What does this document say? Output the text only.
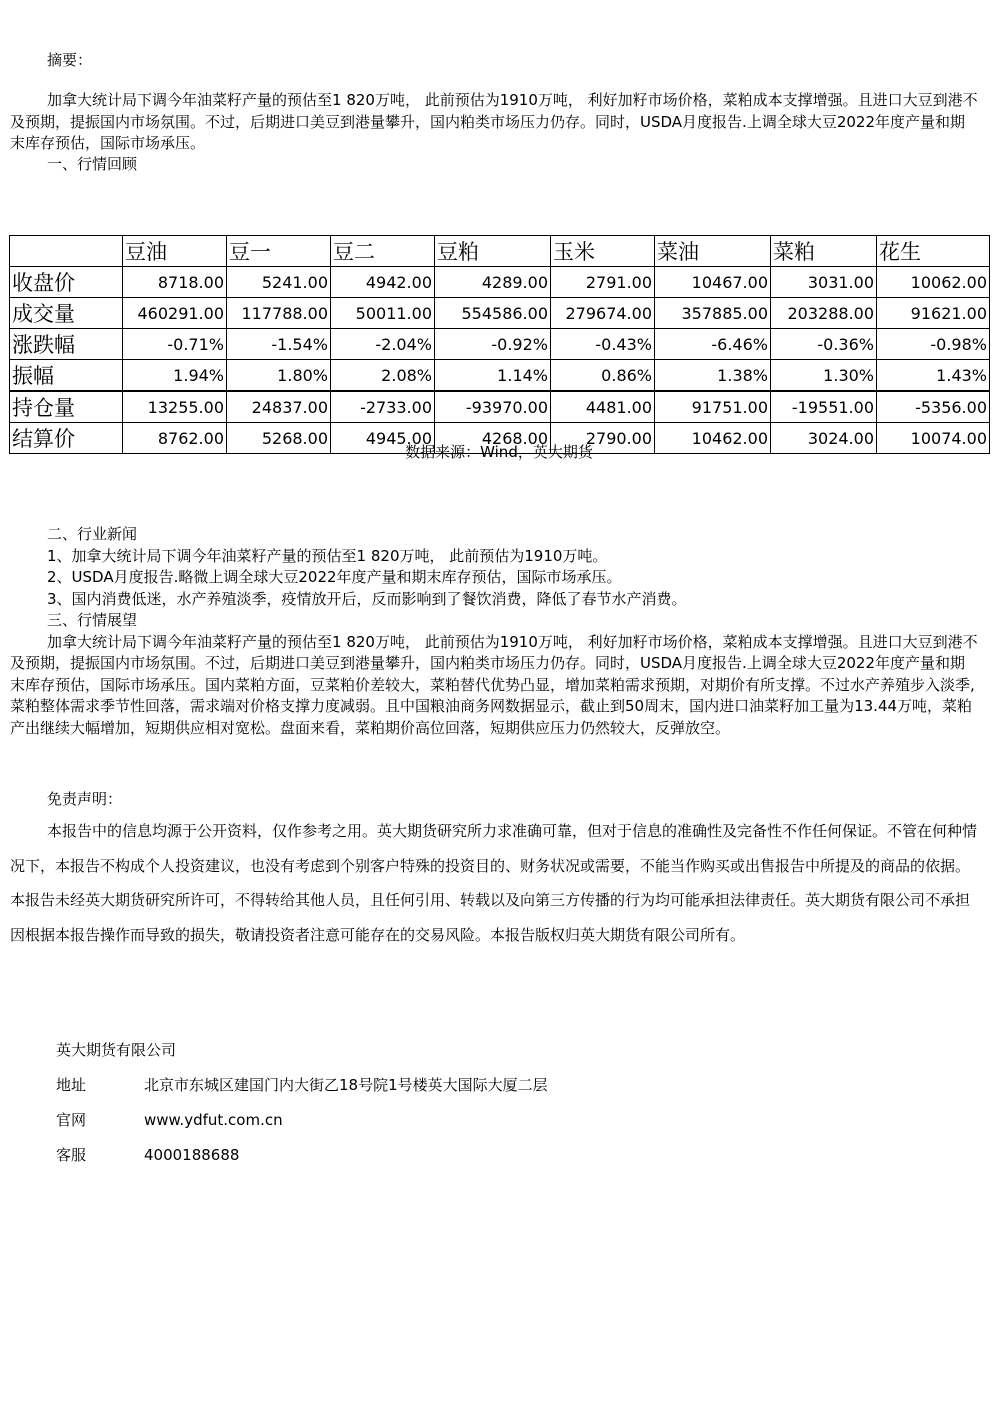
摘要：
加拿大统计局下调今年油菜籽产量的预估至1 820万吨， 此前预估为1910万吨， 利好加籽市场价格，菜粕成本支撑增强。且进口大豆到港不及预期，提振国内市场氛围。不过，后期进口美豆到港量攀升，国内粕类市场压力仍存。同时，USDA月度报告.上调全球大豆2022年度产量和期末库存预估，国际市场承压。
一、行情回顾
	豆油	豆一	豆二	豆粕	玉米	菜油	菜粕	花生
收盘价	8718.00	5241.00	4942.00	4289.00	2791.00	10467.00	3031.00	10062.00
成交量	460291.00	117788.00	50011.00	554586.00	279674.00	357885.00	203288.00	91621.00
涨跌幅	-0.71%	-1.54%	-2.04%	-0.92%	-0.43%	-6.46%	-0.36%	-0.98%
振幅	1.94%	1.80%	2.08%	1.14%	0.86%	1.38%	1.30%	1.43%
持仓量	13255.00	24837.00	-2733.00	-93970.00	4481.00	91751.00	-19551.00	-5356.00
结算价	8762.00	5268.00	4945.00	4268.00	2790.00	10462.00	3024.00	10074.00
数据来源：Wind，英大期货
二、行业新闻
1、加拿大统计局下调今年油菜籽产量的预估至1 820万吨， 此前预估为1910万吨。
2、USDA月度报告.略微上调全球大豆2022年度产量和期末库存预估，国际市场承压。
3、国内消费低迷，水产养殖淡季，疫情放开后，反而影响到了餐饮消费，降低了春节水产消费。
三、行情展望
加拿大统计局下调今年油菜籽产量的预估至1 820万吨， 此前预估为1910万吨， 利好加籽市场价格，菜粕成本支撑增强。且进口大豆到港不及预期，提振国内市场氛围。不过，后期进口美豆到港量攀升，国内粕类市场压力仍存。同时，USDA月度报告.上调全球大豆2022年度产量和期末库存预估，国际市场承压。国内菜粕方面，豆菜粕价差较大，菜粕替代优势凸显，增加菜粕需求预期，对期价有所支撑。不过水产养殖步入淡季,菜粕整体需求季节性回落，需求端对价格支撑力度减弱。且中国粮油商务网数据显示，截止到50周末，国内进口油菜籽加工量为13.44万吨，菜粕产出继续大幅增加，短期供应相对宽松。盘面来看，菜粕期价高位回落，短期供应压力仍然较大，反弹放空。
免责声明：
本报告中的信息均源于公开资料，仅作参考之用。英大期货研究所力求准确可靠，但对于信息的准确性及完备性不作任何保证。不管在何种情况下，本报告不构成个人投资建议，也没有考虑到个别客户特殊的投资目的、财务状况或需要，不能当作购买或出售报告中所提及的商品的依据。本报告未经英大期货研究所许可，不得转给其他人员，且任何引用、转载以及向第三方传播的行为均可能承担法律责任。英大期货有限公司不承担因根据本报告操作而导致的损失，敬请投资者注意可能存在的交易风险。本报告版权归英大期货有限公司所有。
英大期货有限公司
地址	北京市东城区建国门内大街乙18号院1号楼英大国际大厦二层
官网	www.ydfut.com.cn
客服	4000188688
